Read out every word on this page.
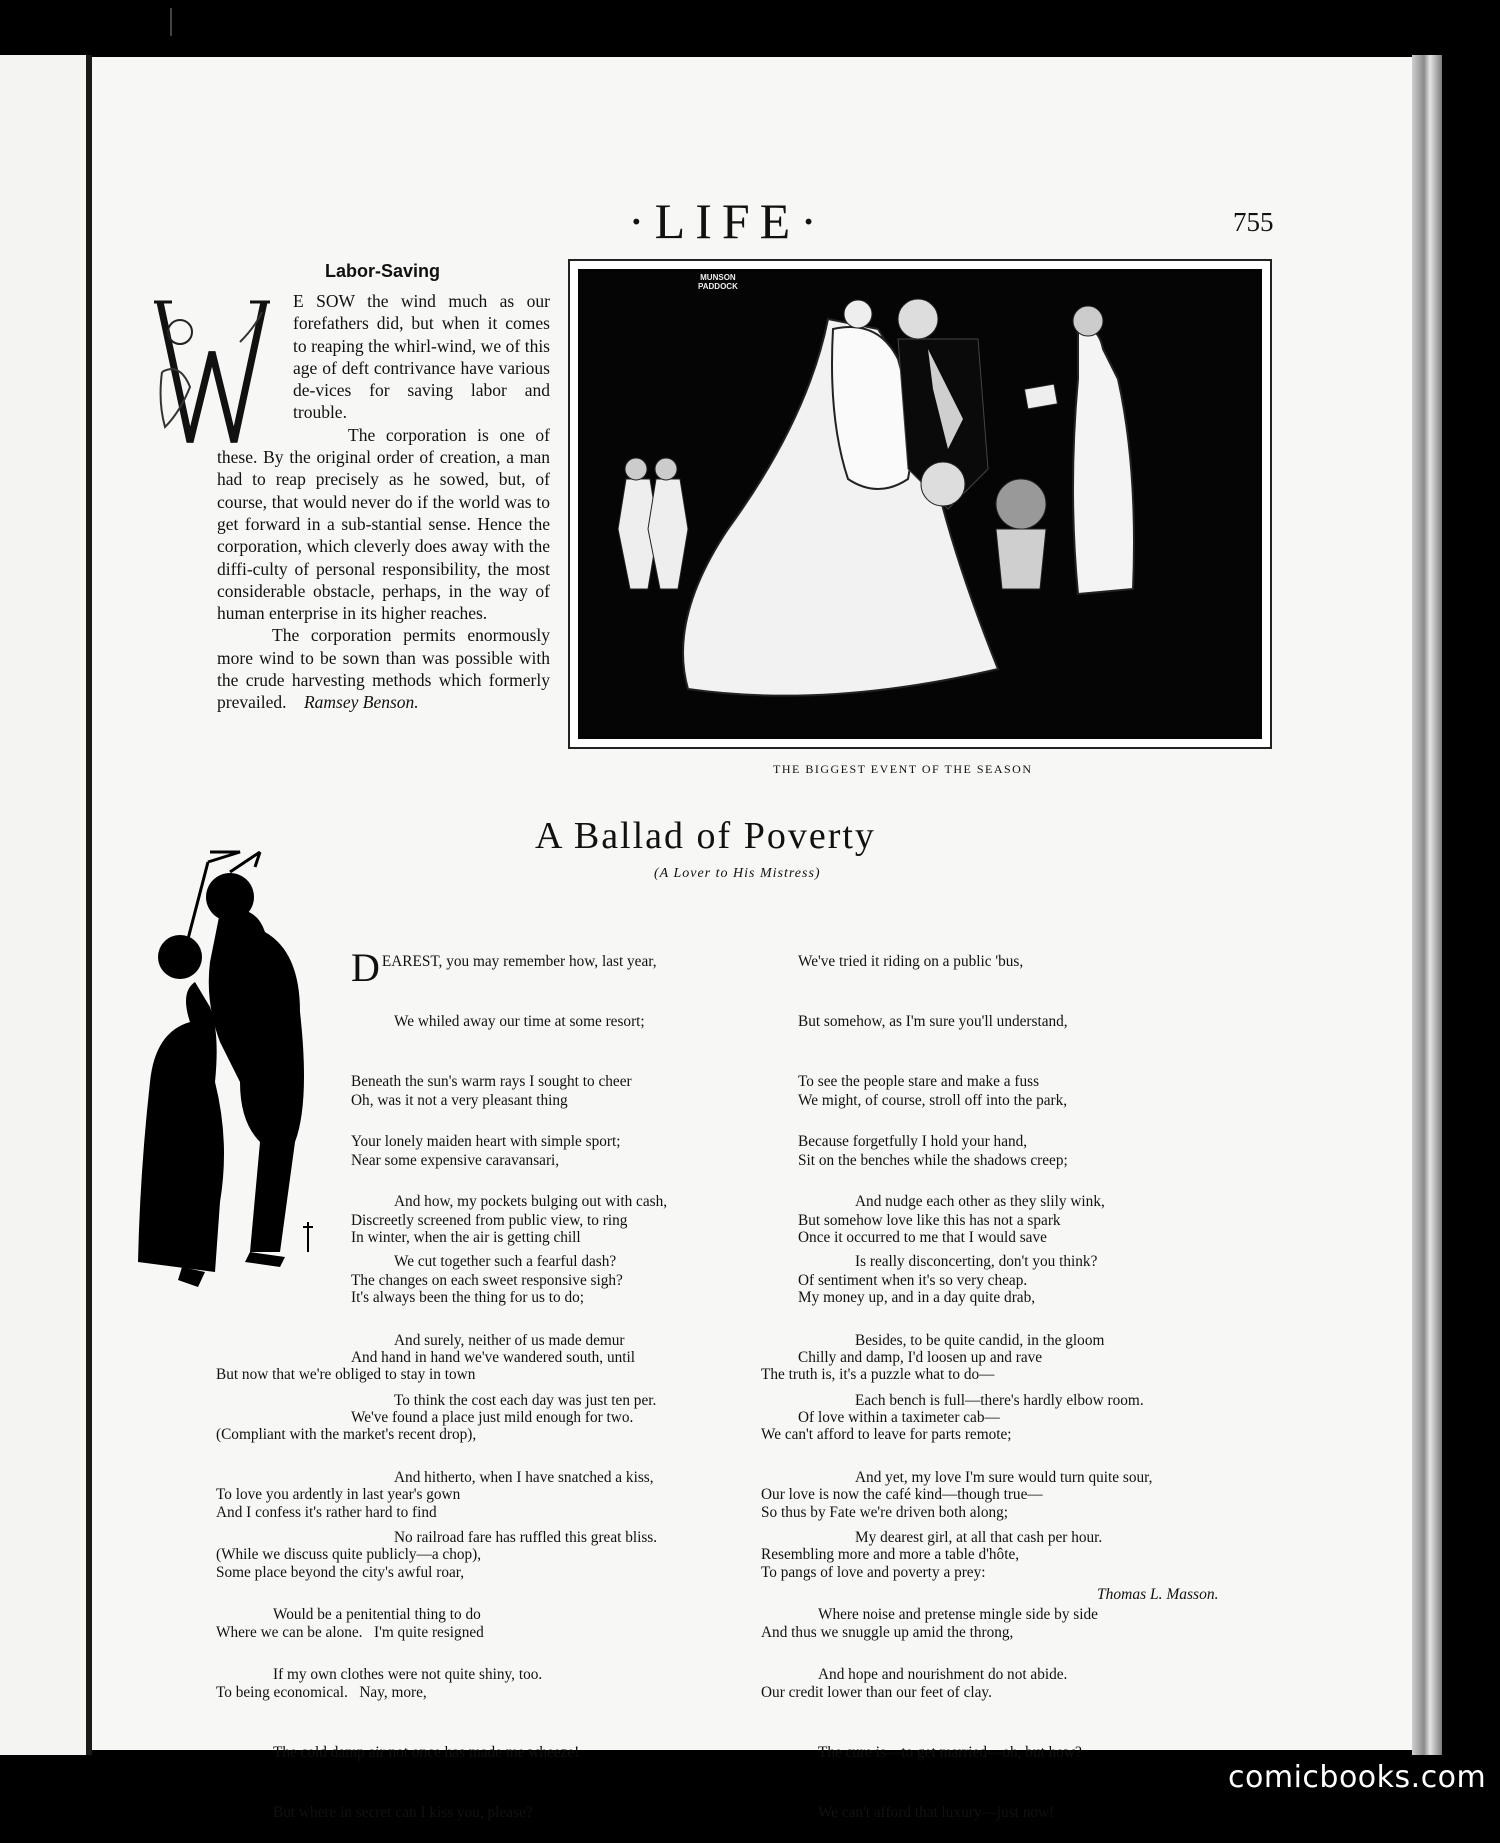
·LIFE·	755
Labor-Saving

E SOW the wind much as our forefathers did, but when it comes to reaping the whirl-wind, we of this age of deft contrivance have various de-vices for saving labor and trouble.

The corporation is one of these. By the original order of creation, a man had to reap precisely as he sowed, but, of course, that would never do if the world was to get forward in a sub-stantial sense. Hence the corporation, which cleverly does away with the diffi-culty of personal responsibility, the most considerable obstacle, perhaps, in the way of human enterprise in its higher reaches.

The corporation permits enormously more wind to be sown than was possible with the crude harvesting methods which formerly prevailed. Ramsey Benson.

MUNSON
PADDOCK
THE BIGGEST EVENT OF THE SEASON
A Ballad of Poverty
(A Lover to His Mistress)

DEAREST, you may remember how, last year,

We whiled away our time at some resort;

Beneath the sun's warm rays I sought to cheer

Your lonely maiden heart with simple sport;

And how, my pockets bulging out with cash,

We cut together such a fearful dash?

Oh, was it not a very pleasant thing

Near some expensive caravansari,

Discreetly screened from public view, to ring

The changes on each sweet responsive sigh?

And surely, neither of us made demur

To think the cost each day was just ten per.

In winter, when the air is getting chill

It's always been the thing for us to do;

And hand in hand we've wandered south, until

We've found a place just mild enough for two.

And hitherto, when I have snatched a kiss,

No railroad fare has ruffled this great bliss.

But now that we're obliged to stay in town

(Compliant with the market's recent drop),

To love you ardently in last year's gown

(While we discuss quite publicly—a chop),

Would be a penitential thing to do

If my own clothes were not quite shiny, too.

And I confess it's rather hard to find

Some place beyond the city's awful roar,

Where we can be alone.   I'm quite resigned

To being economical.   Nay, more,

The cold damp air not once has made me wheeze!

But where in secret can I kiss you, please?

We've tried it riding on a public 'bus,

But somehow, as I'm sure you'll understand,

To see the people stare and make a fuss

Because forgetfully I hold your hand,

And nudge each other as they slily wink,

Is really disconcerting, don't you think?

We might, of course, stroll off into the park,

Sit on the benches while the shadows creep;

But somehow love like this has not a spark

Of sentiment when it's so very cheap.

Besides, to be quite candid, in the gloom

Each bench is full—there's hardly elbow room.

Once it occurred to me that I would save

My money up, and in a day quite drab,

Chilly and damp, I'd loosen up and rave

Of love within a taximeter cab—

And yet, my love I'm sure would turn quite sour,

My dearest girl, at all that cash per hour.

The truth is, it's a puzzle what to do—

We can't afford to leave for parts remote;

Our love is now the café kind—though true—

Resembling more and more a table d'hôte,

Where noise and pretense mingle side by side

And hope and nourishment do not abide.

So thus by Fate we're driven both along;

To pangs of love and poverty a prey:

And thus we snuggle up amid the throng,

Our credit lower than our feet of clay.

The cure is—to get married—oh, but how?

We can't afford that luxury—just now!

Thomas L. Masson.
comicbooks.com
